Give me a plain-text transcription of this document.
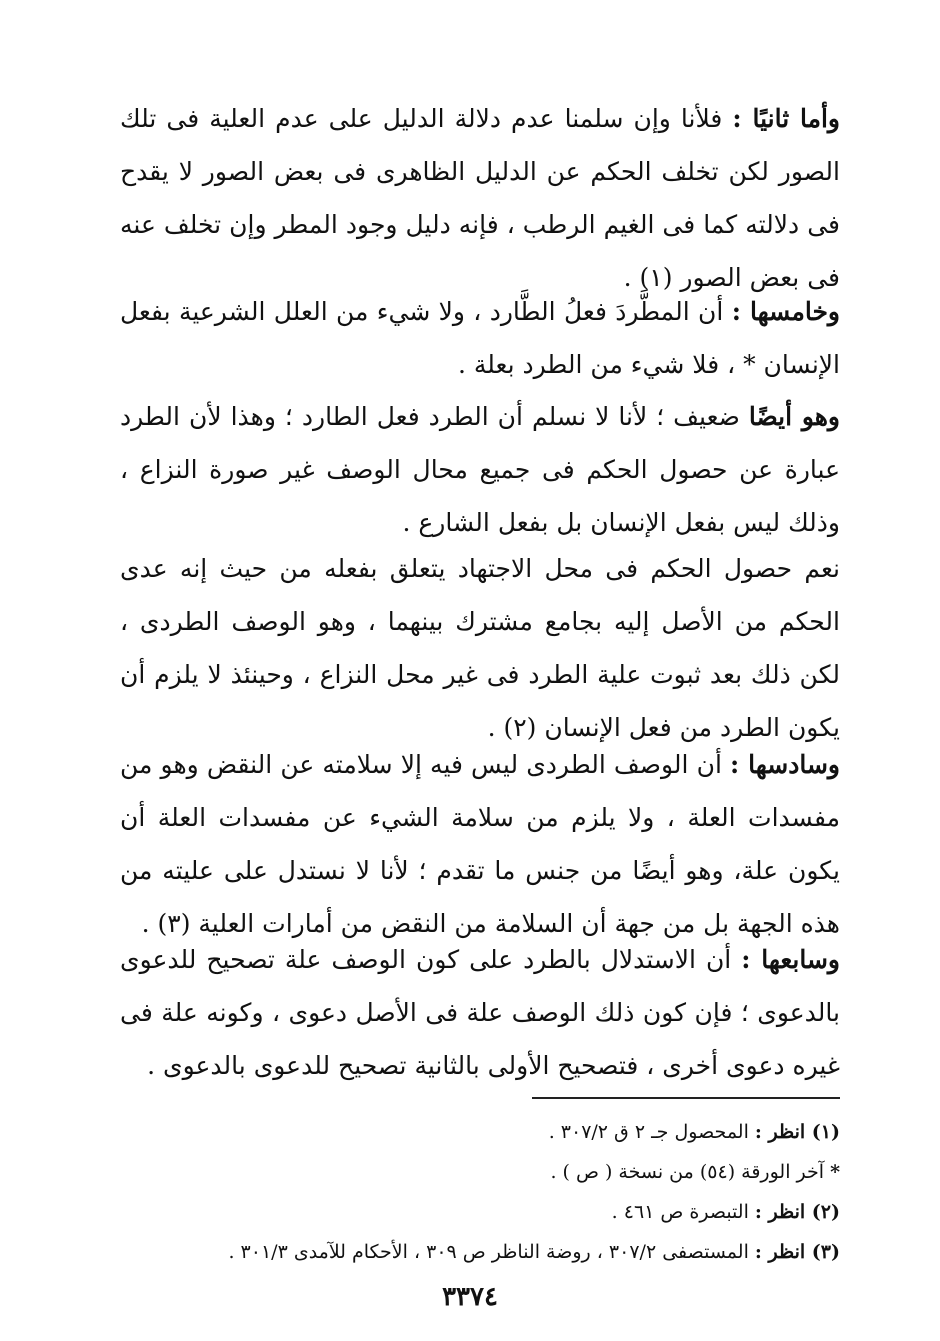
وأما ثانيًا : فلأنا وإن سلمنا عدم دلالة الدليل على عدم العلية فى تلك الصور لكن تخلف الحكم عن الدليل الظاهرى فى بعض الصور لا يقدح فى دلالته كما فى الغيم الرطب ، فإنه دليل وجود المطر وإن تخلف عنه فى بعض الصور (١) .

وخامسها : أن المطَّردَ فعلُ الطَّارد ، ولا شيء من العلل الشرعية بفعل الإنسان * ، فلا شيء من الطرد بعلة .

وهو أيضًا ضعيف ؛ لأنا لا نسلم أن الطرد فعل الطارد ؛ وهذا لأن الطرد عبارة عن حصول الحكم فى جميع محال الوصف غير صورة النزاع ، وذلك ليس بفعل الإنسان بل بفعل الشارع .

نعم حصول الحكم فى محل الاجتهاد يتعلق بفعله من حيث إنه عدى الحكم من الأصل إليه بجامع مشترك بينهما ، وهو الوصف الطردى ، لكن ذلك بعد ثبوت علية الطرد فى غير محل النزاع ، وحينئذ لا يلزم أن يكون الطرد من فعل الإنسان (٢) .

وسادسها : أن الوصف الطردى ليس فيه إلا سلامته عن النقض وهو من مفسدات العلة ، ولا يلزم من سلامة الشيء عن مفسدات العلة أن يكون علة، وهو أيضًا من جنس ما تقدم ؛ لأنا لا نستدل على عليته من هذه الجهة بل من جهة أن السلامة من النقض من أمارات العلية (٣) .

وسابعها : أن الاستدلال بالطرد على كون الوصف علة تصحيح للدعوى بالدعوى ؛ فإن كون ذلك الوصف علة فى الأصل دعوى ، وكونه علة فى غيره دعوى أخرى ، فتصحيح الأولى بالثانية تصحيح للدعوى بالدعوى .

(١) انظر : المحصول جـ ٢ ق ٣٠٧/٢ .
* آخر الورقة (٥٤) من نسخة ( ص ) .
(٢) انظر : التبصرة ص ٤٦١ .
(٣) انظر : المستصفى ٣٠٧/٢ ، روضة الناظر ص ٣٠٩ ، الأحكام للآمدى ٣٠١/٣ .
٣٣٧٤
